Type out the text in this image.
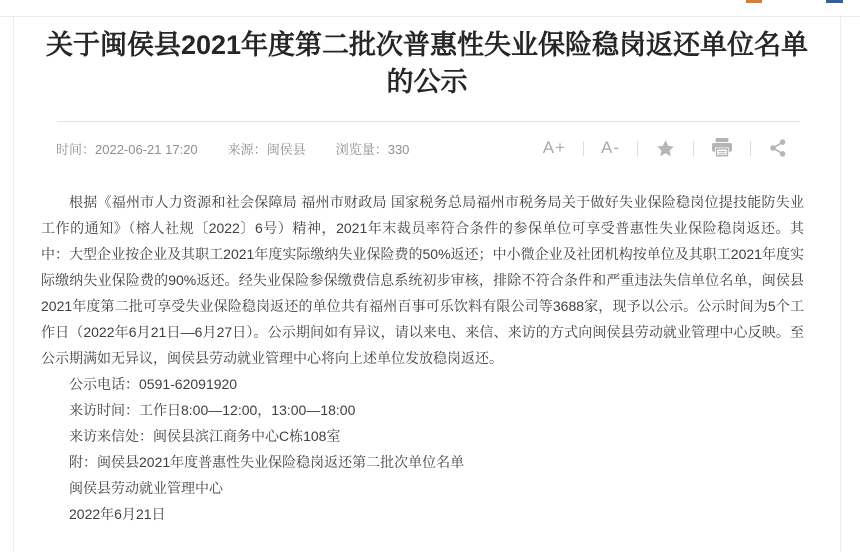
关于闽侯县2021年度第二批次普惠性失业保险稳岗返还单位名单的公示
时间：2022-06-21 17:20 来源：闽侯县 浏览量：330	A+ A-

根据《福州市人力资源和社会保障局 福州市财政局 国家税务总局福州市税务局关于做好失业保险稳岗位提技能防失业工作的通知》（榕人社规〔2022〕6号）精神，2021年末裁员率符合条件的参保单位可享受普惠性失业保险稳岗返还。其中：大型企业按企业及其职工2021年度实际缴纳失业保险费的50%返还；中小微企业及社团机构按单位及其职工2021年度实际缴纳失业保险费的90%返还。经失业保险参保缴费信息系统初步审核，排除不符合条件和严重违法失信单位名单，闽侯县2021年度第二批可享受失业保险稳岗返还的单位共有福州百事可乐饮料有限公司等3688家，现予以公示。公示时间为5个工作日（2022年6月21日—6月27日）。公示期间如有异议，请以来电、来信、来访的方式向闽侯县劳动就业管理中心反映。至公示期满如无异议，闽侯县劳动就业管理中心将向上述单位发放稳岗返还。

公示电话：0591-62091920

来访时间：工作日8:00—12:00，13:00—18:00

来访来信处：闽侯县滨江商务中心C栋108室

附：闽侯县2021年度普惠性失业保险稳岗返还第二批次单位名单

闽侯县劳动就业管理中心

2022年6月21日
